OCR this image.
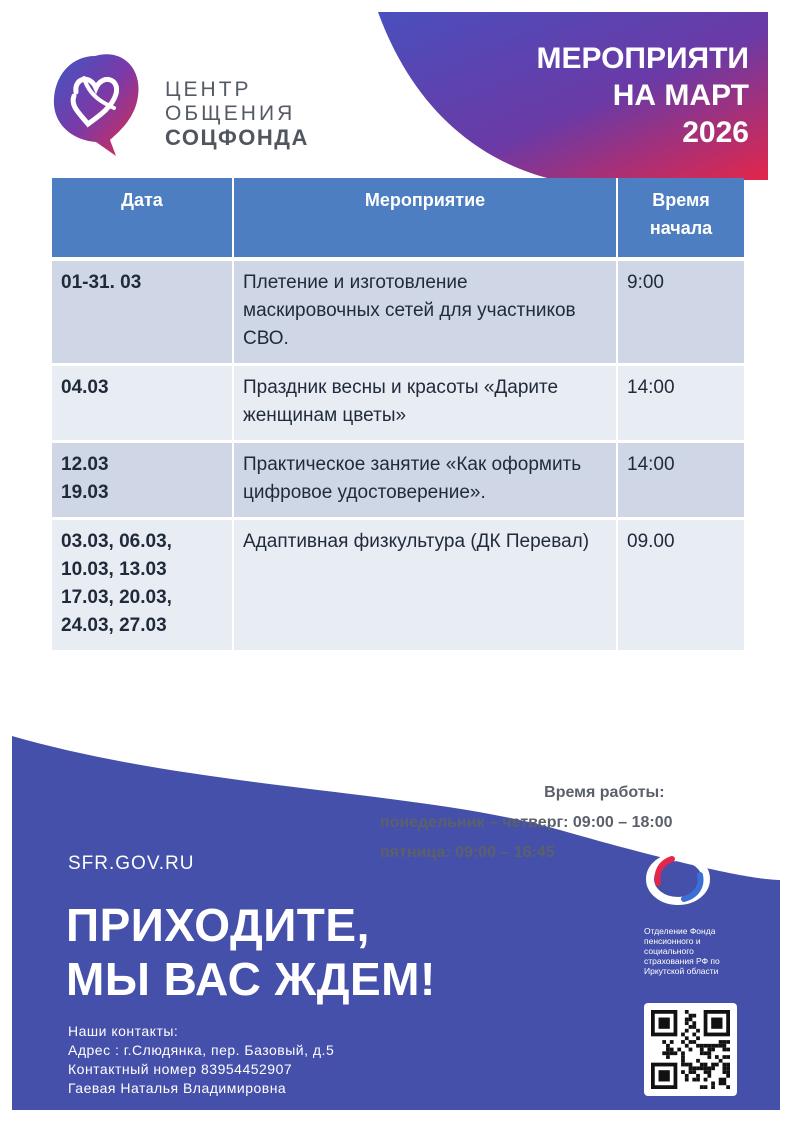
ЦЕНТР
ОБЩЕНИЯ
СОЦФОНДА
МЕРОПРИЯТИ
НА МАРТ
2026
Дата	Мероприятие	Время
начала

01-31. 03	Плетение и изготовление маскировочных сетей для участников СВО.	9:00

04.03	Праздник весны и красоты «Дарите женщинам цветы»	14:00

12.03
19.03	Практическое занятие «Как оформить цифровое удостоверение».	14:00

03.03, 06.03,
10.03, 13.03
17.03, 20.03,
24.03, 27.03	Адаптивная физкультура (ДК Перевал)	09.00
Время работы:
понедельник – четверг: 09:00 – 18:00
пятница: 09:00 – 16:45
SFR.GOV.RU
ПРИХОДИТЕ,
МЫ ВАС ЖДЕМ!
Наши контакты:
Адрес : г.Слюдянка, пер. Базовый, д.5
Контактный номер 83954452907
Гаевая Наталья Владимировна
Отделение Фонда пенсионного и социального страхования РФ по Иркутской области
